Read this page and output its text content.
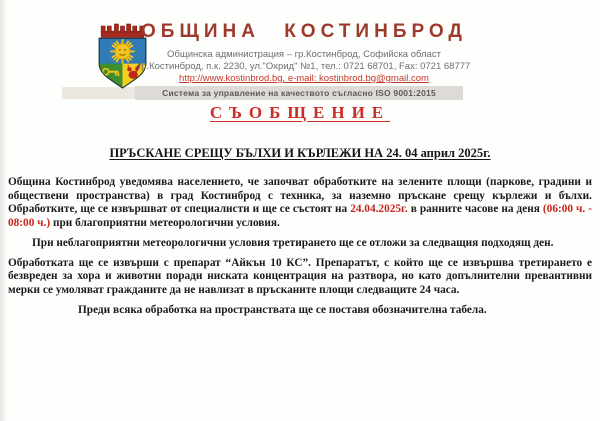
ОБЩИНА КОСТИНБРОД
Общинска администрация – гр.Костинброд, Софийска област
гр.Костинброд, п.к. 2230, ул."Охрид" №1, тел.: 0721 68701, Fax: 0721 68777
http://www.kostinbrod.bg, e-mail: kostinbrod.bg@gmail.com
Система за управление на качеството съгласно ISO 9001:2015
СЪОБЩЕНИЕ
ПРЪСКАНЕ СРЕЩУ БЪЛХИ И КЪРЛЕЖИ НА 24. 04 април 2025г.

Община Костинброд уведомява населението, че започват обработките на зелените площи (паркове, градини и обществени пространства) в град Костинброд с техника, за наземно пръскане срещу кърлежи и бълхи. Обработките, ще се извършват от специалисти и ще се състоят на 24.04.2025г. в ранните часове на деня (06:00 ч. - 08:00 ч.) при благоприятни метеорологични условия.

При неблагоприятни метеорологични условия третирането ще се отложи за следващия подходящ ден.

Обработката ще се извърши с препарат “Айкън 10 КС”. Препаратът, с който ще се извършва третирането е безвреден за хора и животни поради ниската концентрация на разтвора, но като допълнителни превантивни мерки се умоляват гражданите да не навлизат в пръсканите площи следващите 24 часа.

Преди всяка обработка на пространствата ще се поставя обозначителна табела.
